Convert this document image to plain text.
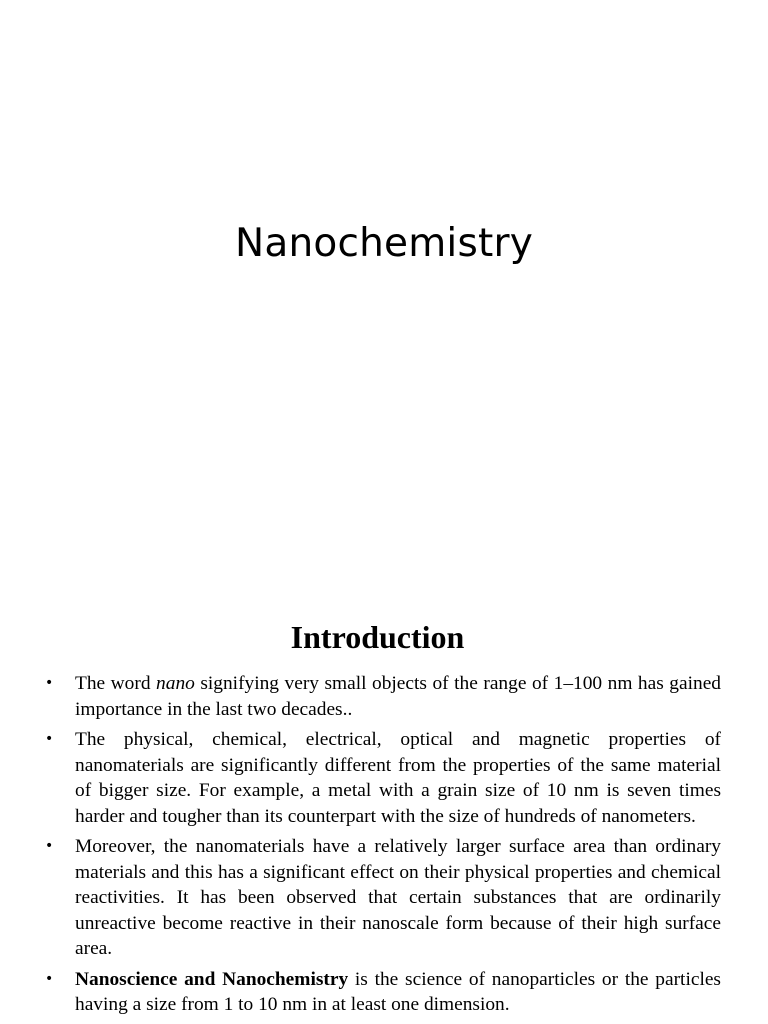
Nanochemistry
Introduction
• The word nano signifying very small objects of the range of 1–100 nm has gained importance in the last two decades..
• The physical, chemical, electrical, optical and magnetic properties of nanomaterials are significantly different from the properties of the same material of bigger size. For example, a metal with a grain size of 10 nm is seven times harder and tougher than its counterpart with the size of hundreds of nanometers.
• Moreover, the nanomaterials have a relatively larger surface area than ordinary materials and this has a significant effect on their physical properties and chemical reactivities. It has been observed that certain substances that are ordinarily unreactive become reactive in their nanoscale form because of their high surface area.
• Nanoscience and Nanochemistry is the science of nanoparticles or the particles having a size from 1 to 10 nm in at least one dimension.
